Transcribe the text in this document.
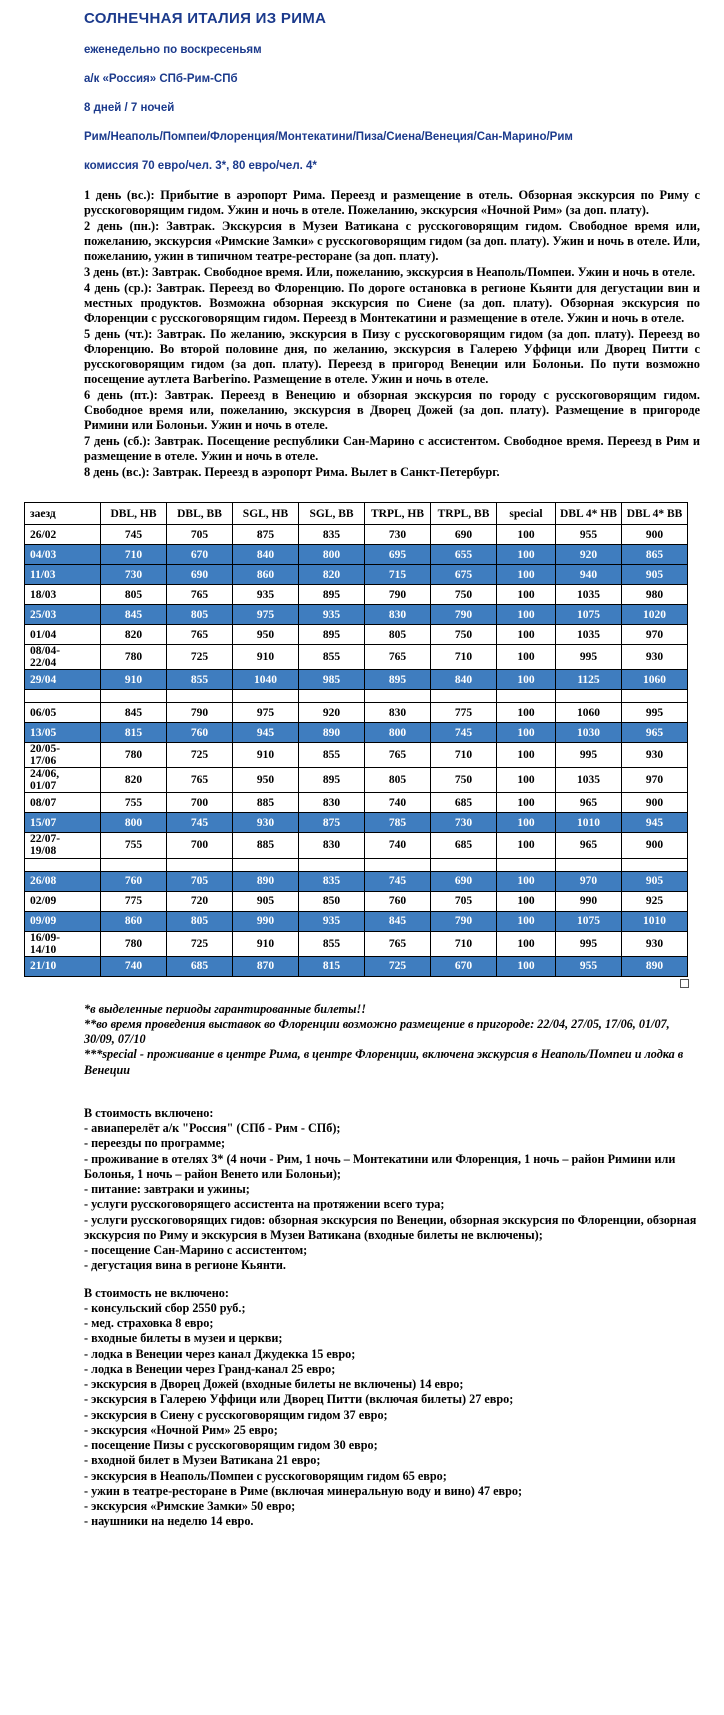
СОЛНЕЧНАЯ ИТАЛИЯ ИЗ РИМА
еженедельно по воскресеньям
а/к «Россия» СПб-Рим-СПб
8 дней / 7 ночей
Рим/Неаполь/Помпеи/Флоренция/Монтекатини/Пиза/Сиена/Венеция/Сан-Марино/Рим
комиссия 70 евро/чел. 3*, 80 евро/чел. 4*

1 день (вс.): Прибытие в аэропорт Рима. Переезд и размещение в отель. Обзорная экскурсия по Риму с русскоговорящим гидом. Ужин и ночь в отеле. Пожеланию, экскурсия «Ночной Рим» (за доп. плату).

2 день (пн.): Завтрак. Экскурсия в Музеи Ватикана с русскоговорящим гидом. Свободное время или, пожеланию, экскурсия «Римские Замки» с русскоговорящим гидом (за доп. плату). Ужин и ночь в отеле. Или, пожеланию, ужин в типичном театре-ресторане (за доп. плату).

3 день (вт.): Завтрак. Свободное время. Или, пожеланию, экскурсия в Неаполь/Помпеи. Ужин и ночь в отеле.

4 день (ср.): Завтрак. Переезд во Флоренцию. По дороге остановка в регионе Кьянти для дегустации вин и местных продуктов. Возможна обзорная экскурсия по Сиене (за доп. плату). Обзорная экскурсия по Флоренции с русскоговорящим гидом. Переезд в Монтекатини и размещение в отеле. Ужин и ночь в отеле.

5 день (чт.): Завтрак. По желанию, экскурсия в Пизу с русскоговорящим гидом (за доп. плату). Переезд во Флоренцию. Во второй половине дня, по желанию, экскурсия в Галерею Уффици или Дворец Питти с русскоговорящим гидом (за доп. плату). Переезд в пригород Венеции или Болоньи. По пути возможно посещение аутлета Barberino. Размещение в отеле. Ужин и ночь в отеле.

6 день (пт.): Завтрак. Переезд в Венецию и обзорная экскурсия по городу с русскоговорящим гидом. Свободное время или, пожеланию, экскурсия в Дворец Дожей (за доп. плату). Размещение в пригороде Римини или Болоньи. Ужин и ночь в отеле.

7 день (сб.): Завтрак. Посещение республики Сан-Марино с ассистентом. Свободное время. Переезд в Рим и размещение в отеле. Ужин и ночь в отеле.

8 день (вс.): Завтрак. Переезд в аэропорт Рима. Вылет в Санкт-Петербург.

заезд	DBL, HB	DBL, BB	SGL, HB	SGL, BB	TRPL, HB	TRPL, BB	special	DBL 4* HB	DBL 4* BB
26/02	745	705	875	835	730	690	100	955	900
04/03	710	670	840	800	695	655	100	920	865
11/03	730	690	860	820	715	675	100	940	905
18/03	805	765	935	895	790	750	100	1035	980
25/03	845	805	975	935	830	790	100	1075	1020
01/04	820	765	950	895	805	750	100	1035	970
08/04-
22/04	780	725	910	855	765	710	100	995	930
29/04	910	855	1040	985	895	840	100	1125	1060

06/05	845	790	975	920	830	775	100	1060	995
13/05	815	760	945	890	800	745	100	1030	965
20/05-
17/06	780	725	910	855	765	710	100	995	930
24/06,
01/07	820	765	950	895	805	750	100	1035	970
08/07	755	700	885	830	740	685	100	965	900
15/07	800	745	930	875	785	730	100	1010	945
22/07-
19/08	755	700	885	830	740	685	100	965	900

26/08	760	705	890	835	745	690	100	970	905
02/09	775	720	905	850	760	705	100	990	925
09/09	860	805	990	935	845	790	100	1075	1010
16/09-
14/10	780	725	910	855	765	710	100	995	930
21/10	740	685	870	815	725	670	100	955	890

*в выделенные периоды гарантированные билеты!!

**во время проведения выставок во Флоренции возможно размещение в пригороде: 22/04, 27/05, 17/06, 01/07, 30/09, 07/10

***special - проживание в центре Рима, в центре Флоренции, включена экскурсия в Неаполь/Помпеи и лодка в Венеции

В стоимость включено:

- авиаперелёт а/к "Россия" (СПб - Рим - СПб);

- переезды по программе;

- проживание в отелях 3* (4 ночи - Рим, 1 ночь – Монтекатини или Флоренция, 1 ночь – район Римини или Болонья, 1 ночь – район Венето или Болоньи);

- питание: завтраки и ужины;

- услуги русскоговорящего ассистента на протяжении всего тура;

- услуги русскоговорящих гидов: обзорная экскурсия по Венеции, обзорная экскурсия по Флоренции, обзорная экскурсия по Риму и экскурсия в Музеи Ватикана (входные билеты не включены);

- посещение Сан-Марино с ассистентом;

- дегустация вина в регионе Кьянти.

В стоимость не включено:

- консульский сбор 2550 руб.;

- мед. страховка 8 евро;

- входные билеты в музеи и церкви;

- лодка в Венеции через канал Джудекка 15 евро;

- лодка в Венеции через Гранд-канал 25 евро;

- экскурсия в Дворец Дожей (входные билеты не включены) 14 евро;

- экскурсия в Галерею Уффици или Дворец Питти (включая билеты) 27 евро;

- экскурсия в Сиену с русскоговорящим гидом 37 евро;

- экскурсия «Ночной Рим» 25 евро;

- посещение Пизы с русскоговорящим гидом 30 евро;

- входной билет в Музеи Ватикана 21 евро;

- экскурсия в Неаполь/Помпеи с русскоговорящим гидом 65 евро;

- ужин в театре-ресторане в Риме (включая минеральную воду и вино) 47 евро;

- экскурсия «Римские Замки» 50 евро;

- наушники на неделю 14 евро.
